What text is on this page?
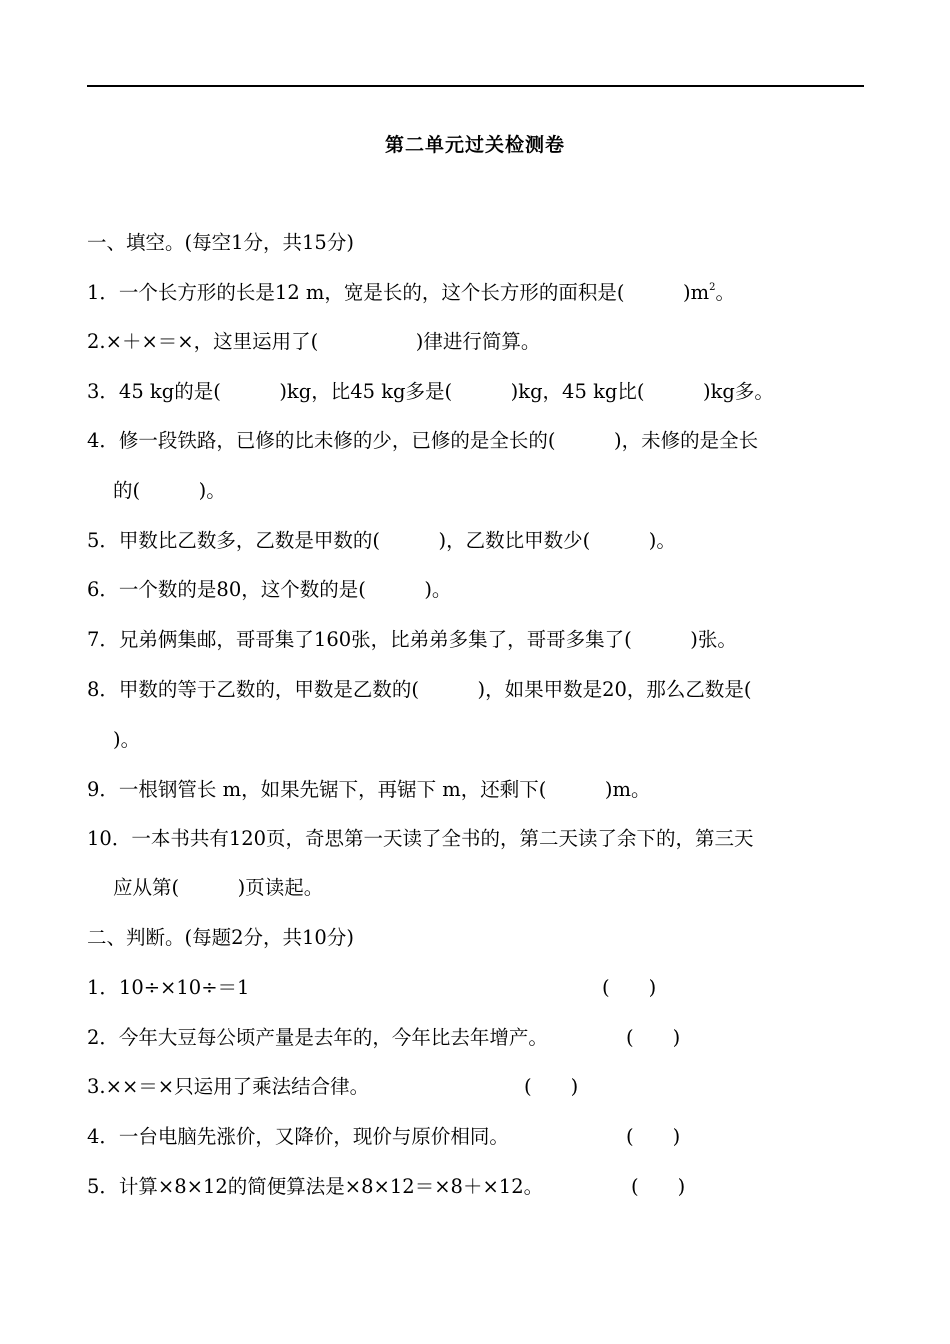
第二单元过关检测卷
一、填空。(每空1分，共15分)
1．一个长方形的长是12 m，宽是长的，这个长方形的面积是(　　　)$m^2$。
2.×＋×＝×，这里运用了(　　　　　)律进行简算。
3．45 kg的是(　　　)kg，比45 kg多是(　　　)kg，45 kg比(　　　)kg多。
4．修一段铁路，已修的比未修的少，已修的是全长的(　　　)，未修的是全长
的(　　　)。
5．甲数比乙数多，乙数是甲数的(　　　)，乙数比甲数少(　　　)。
6．一个数的是80，这个数的是(　　　)。
7．兄弟俩集邮，哥哥集了160张，比弟弟多集了，哥哥多集了(　　　)张。
8．甲数的等于乙数的，甲数是乙数的(　　　)，如果甲数是20，那么乙数是(
)。
9．一根钢管长 m，如果先锯下，再锯下 m，还剩下(　　　)m。
10．一本书共有120页，奇思第一天读了全书的，第二天读了余下的，第三天
应从第(　　　)页读起。
二、判断。(每题2分，共10分)
1．10÷×10÷＝1	(　　)
2．今年大豆每公顷产量是去年的，今年比去年增产。	(　　)
3.××＝×只运用了乘法结合律。	(　　)
4．一台电脑先涨价，又降价，现价与原价相同。	(　　)
5．计算×8×12的简便算法是×8×12＝×8＋×12。	(　　)
